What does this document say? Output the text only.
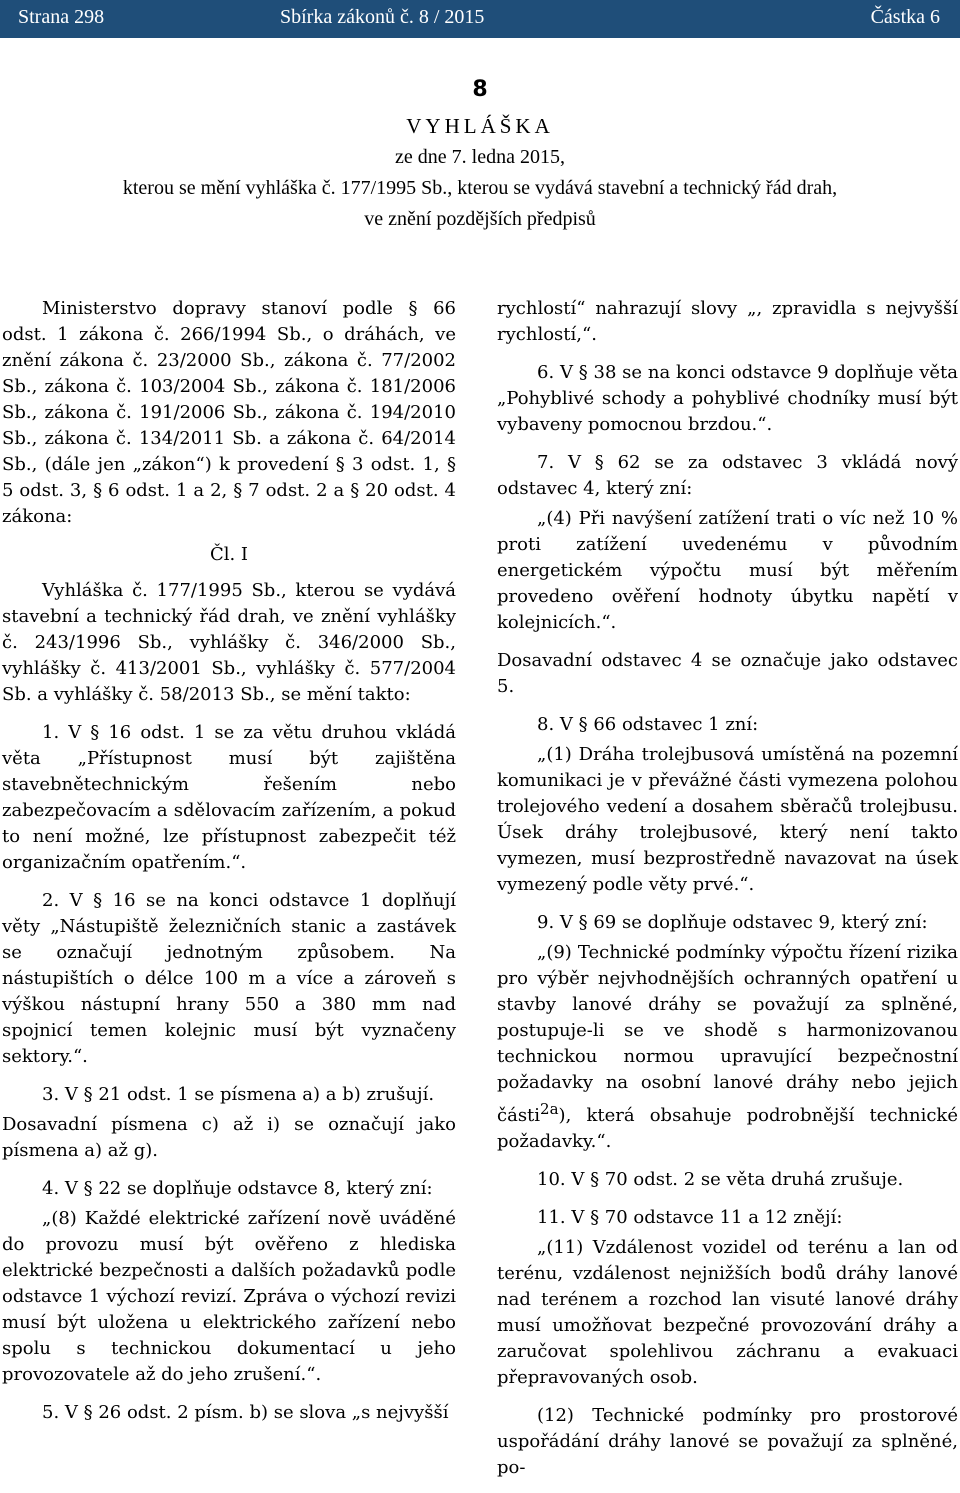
Strana 298	Sbírka zákonů č. 8 / 2015	Částka 6
8
VYHLÁŠKA
ze dne 7. ledna 2015,
kterou se mění vyhláška č. 177/1995 Sb., kterou se vydává stavební a technický řád drah,
ve znění pozdějších předpisů

Ministerstvo dopravy stanoví podle § 66 odst. 1 zákona č. 266/1994 Sb., o dráhách, ve znění zákona č. 23/2000 Sb., zákona č. 77/2002 Sb., zákona č. 103/2004 Sb., zákona č. 181/2006 Sb., zákona č. 191/2006 Sb., zákona č. 194/2010 Sb., zákona č. 134/2011 Sb. a zákona č. 64/2014 Sb., (dále jen „zákon“) k provedení § 3 odst. 1, § 5 odst. 3, § 6 odst. 1 a 2, § 7 odst. 2 a § 20 odst. 4 zákona:

Čl. I

Vyhláška č. 177/1995 Sb., kterou se vydává stavební a technický řád drah, ve znění vyhlášky č. 243/1996 Sb., vyhlášky č. 346/2000 Sb., vyhlášky č. 413/2001 Sb., vyhlášky č. 577/2004 Sb. a vyhlášky č. 58/2013 Sb., se mění takto:

1. V § 16 odst. 1 se za větu druhou vkládá věta „Přístupnost musí být zajištěna stavebnětechnickým řešením nebo zabezpečovacím a sdělovacím zařízením, a pokud to není možné, lze přístupnost zabezpečit též organizačním opatřením.“.

2. V § 16 se na konci odstavce 1 doplňují věty „Nástupiště železničních stanic a zastávek se označují jednotným způsobem. Na nástupištích o délce 100 m a více a zároveň s výškou nástupní hrany 550 a 380 mm nad spojnicí temen kolejnic musí být vyznačeny sektory.“.

3. V § 21 odst. 1 se písmena a) a b) zrušují.

Dosavadní písmena c) až i) se označují jako písmena a) až g).

4. V § 22 se doplňuje odstavce 8, který zní:

„(8) Každé elektrické zařízení nově uváděné do provozu musí být ověřeno z hlediska elektrické bezpečnosti a dalších požadavků podle odstavce 1 výchozí revizí. Zpráva o výchozí revizi musí být uložena u elektrického zařízení nebo spolu s technickou dokumentací u jeho provozovatele až do jeho zrušení.“.

5. V § 26 odst. 2 písm. b) se slova „s nejvyšší

rychlostí“ nahrazují slovy „, zpravidla s nejvyšší rychlostí,“.

6. V § 38 se na konci odstavce 9 doplňuje věta „Pohyblivé schody a pohyblivé chodníky musí být vybaveny pomocnou brzdou.“.

7. V § 62 se za odstavec 3 vkládá nový odstavec 4, který zní:

„(4) Při navýšení zatížení trati o víc než 10 % proti zatížení uvedenému v původním energetickém výpočtu musí být měřením provedeno ověření hodnoty úbytku napětí v kolejnicích.“.

Dosavadní odstavec 4 se označuje jako odstavec 5.

8. V § 66 odstavec 1 zní:

„(1) Dráha trolejbusová umístěná na pozemní komunikaci je v převážné části vymezena polohou trolejového vedení a dosahem sběračů trolejbusu. Úsek dráhy trolejbusové, který není takto vymezen, musí bezprostředně navazovat na úsek vymezený podle věty prvé.“.

9. V § 69 se doplňuje odstavec 9, který zní:

„(9) Technické podmínky výpočtu řízení rizika pro výběr nejvhodnějších ochranných opatření u stavby lanové dráhy se považují za splněné, postupuje-li se ve shodě s harmonizovanou technickou normou upravující bezpečnostní požadavky na osobní lanové dráhy nebo jejich části$^{2a}$), která obsahuje podrobnější technické požadavky.“.

10. V § 70 odst. 2 se věta druhá zrušuje.

11. V § 70 odstavce 11 a 12 znějí:

„(11) Vzdálenost vozidel od terénu a lan od terénu, vzdálenost nejnižších bodů dráhy lanové nad terénem a rozchod lan visuté lanové dráhy musí umožňovat bezpečné provozování dráhy a zaručovat spolehlivou záchranu a evakuaci přepravovaných osob.

(12) Technické podmínky pro prostorové uspořádání dráhy lanové se považují za splněné, po-
